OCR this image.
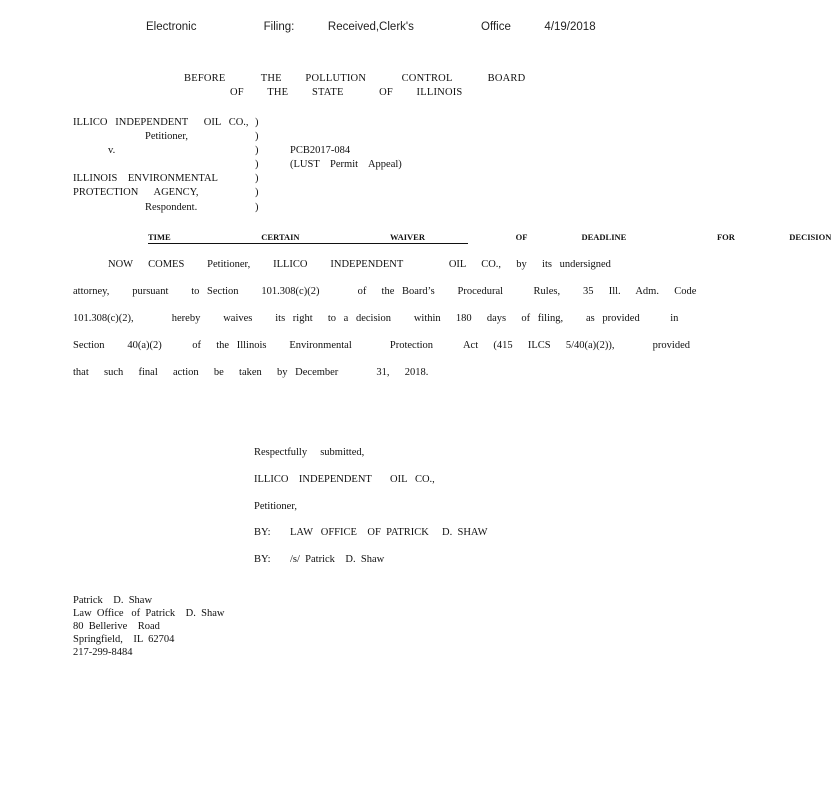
Electronic      Filing:   Received,Clerk's      Office   4/19/2018
BEFORE   THE  POLLUTION   CONTROL   BOARD
OF  THE  STATE   OF  ILLINOIS
ILLICO   INDEPENDENT      OIL   CO.,
Petitioner,
v.
ILLINOIS    ENVIRONMENTAL
PROTECTION      AGENCY,
Respondent.
)
)
)
)
)
)
)
PCB2017-084
(LUST    Permit    Appeal)
TIME     CERTAIN     WAIVER     OF   DEADLINE     FOR   DECISION
NOW  COMES   Petitioner,   ILLICO   INDEPENDENT      OIL  CO.,  by  its undersigned
attorney,   pursuant   to Section   101.308(c)(2)     of  the Board’s   Procedural    Rules,   35  Ill.  Adm.  Code
101.308(c)(2),     hereby   waives   its right  to a decision   within  180  days  of filing,   as provided    in
Section   40(a)(2)    of  the Illinois   Environmental     Protection    Act  (415  ILCS  5/40(a)(2)),     provided
that  such  final  action  be  taken  by December     31,  2018.
Respectfully     submitted,
ILLICO    INDEPENDENT       OIL   CO.,
Petitioner,
BY: LAW   OFFICE    OF  PATRICK     D.  SHAW
BY: /s/  Patrick    D.  Shaw
Patrick    D.  Shaw
Law  Office   of  Patrick    D.  Shaw
80  Bellerive    Road
Springfield,    IL  62704
217-299-8484
